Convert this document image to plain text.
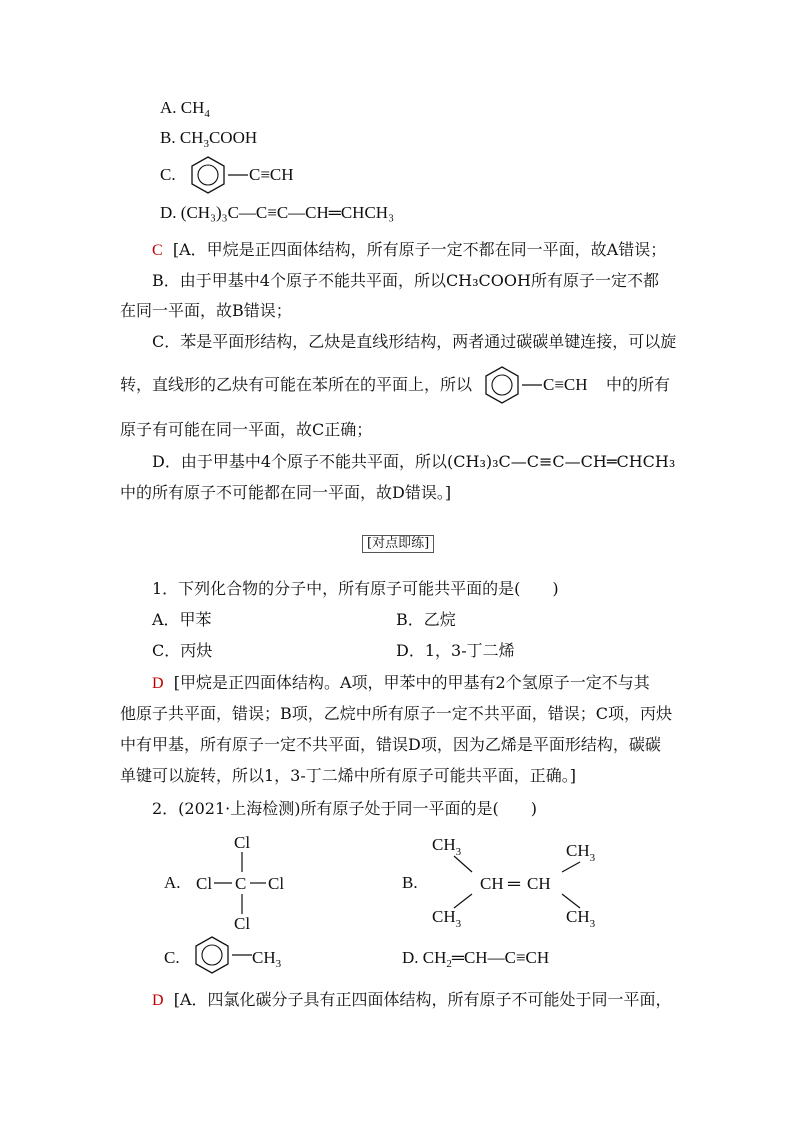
A. $CH_4$
B. $CH_3COOH$
C.	C≡CH
D. (CH₃)₃C—C≡C—CH═CHCH₃
C [A．甲烷是正四面体结构，所有原子一定不都在同一平面，故A错误；
B．由于甲基中4个原子不能共平面，所以CH₃COOH所有原子一定不都
在同一平面，故B错误；
C．苯是平面形结构，乙炔是直线形结构，两者通过碳碳单键连接，可以旋
转，直线形的乙炔有可能在苯所在的平面上，所以	C≡CH 中的所有
原子有可能在同一平面，故C正确；
D．由于甲基中4个原子不能共平面，所以(CH₃)₃C—C≡C—CH═CHCH₃
中的所有原子不可能都在同一平面，故D错误。]
[对点即练]
1．下列化合物的分子中，所有原子可能共平面的是(　　)
A．甲苯	B．乙烷
C．丙炔	D．1，3-丁二烯
D [甲烷是正四面体结构。A项，甲苯中的甲基有2个氢原子一定不与其
他原子共平面，错误；B项，乙烷中所有原子一定不共平面，错误；C项，丙炔
中有甲基，所有原子一定不共平面，错误D项，因为乙烯是平面形结构，碳碳
单键可以旋转，所以1，3-丁二烯中所有原子可能共平面，正确。]
2．(2021·上海检测)所有原子处于同一平面的是(　　)
A.
Cl
Cl C Cl
Cl
B.
$CH_3$	$CH_3$
CH ═ CH
$CH_3$	$CH_3$
C.	$CH_3$	D. $CH_2═CH—C\equiv CH$
D [A．四氯化碳分子具有正四面体结构，所有原子不可能处于同一平面，
